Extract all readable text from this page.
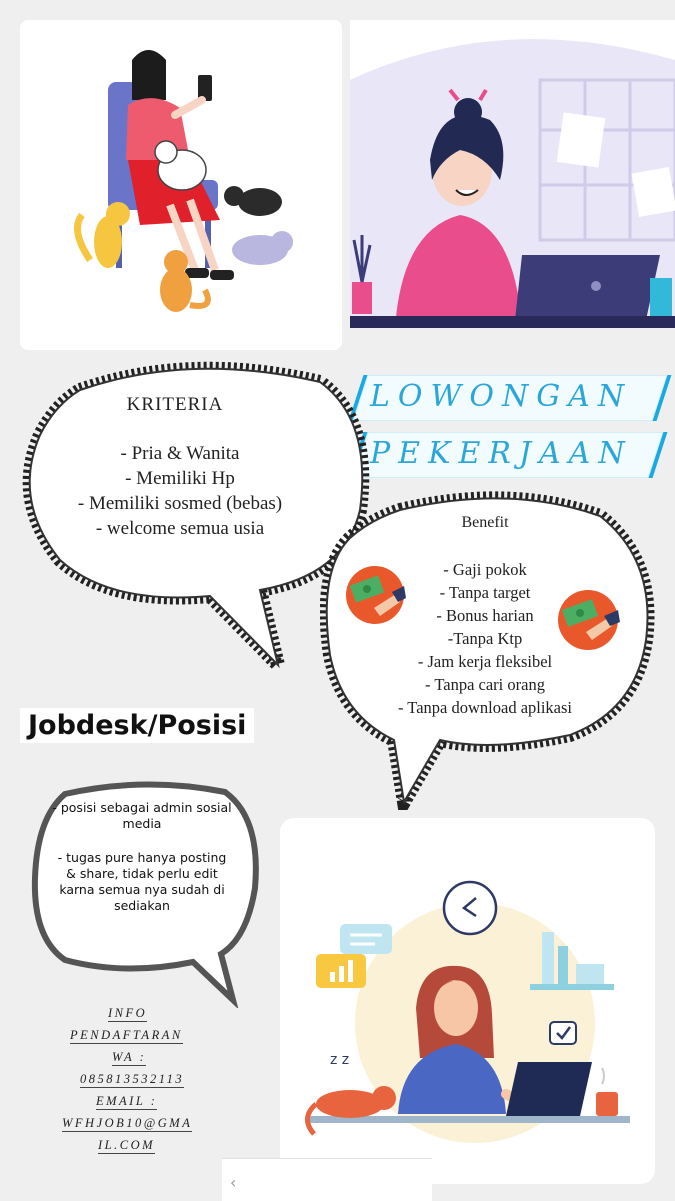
LOWONGAN
PEKERJAAN
KRITERIA
- Pria & Wanita
- Memiliki Hp
- Memiliki sosmed (bebas)
- welcome semua usia	Benefit
- Gaji pokok
- Tanpa target
- Bonus harian
-Tanpa Ktp
- Jam kerja fleksibel
- Tanpa cari orang
- Tanpa download aplikasi
Jobdesk/Posisi
- posisi sebagai admin sosial media
- tugas pure hanya posting & share, tidak perlu edit karna semua nya sudah di sediakan
INFO
PENDAFTARAN
WA :
085813532113
EMAIL :
WFHJOB10@GMA
IL.COM
z z
‹
